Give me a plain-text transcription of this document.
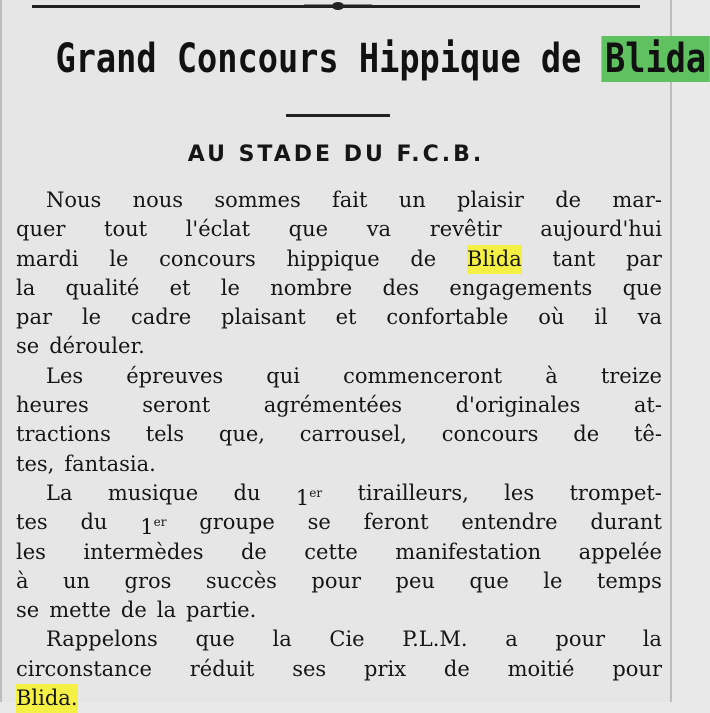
Grand Concours Hippique de Blida
AU STADE DU F.C.B.
Nous nous sommes fait un plaisir de mar-
quer tout l'éclat que va revêtir aujourd'hui
mardi le concours hippique de Blida tant par
la qualité et le nombre des engagements que
par le cadre plaisant et confortable où il va
se dérouler.
Les épreuves qui commenceront à treize
heures	seront	agrémentées	d'originales	at-
tractions tels que, carrousel, concours de tê-
tes, fantasia.
La musique du 1er tirailleurs, les trompet-
tes du 1er groupe se feront entendre durant
les intermèdes de cette manifestation appelée
à un gros succès pour peu que le temps
se mette de la partie.
Rappelons que la Cie P.L.M. a pour la
circonstance réduit ses prix de moitié pour
Blida.
